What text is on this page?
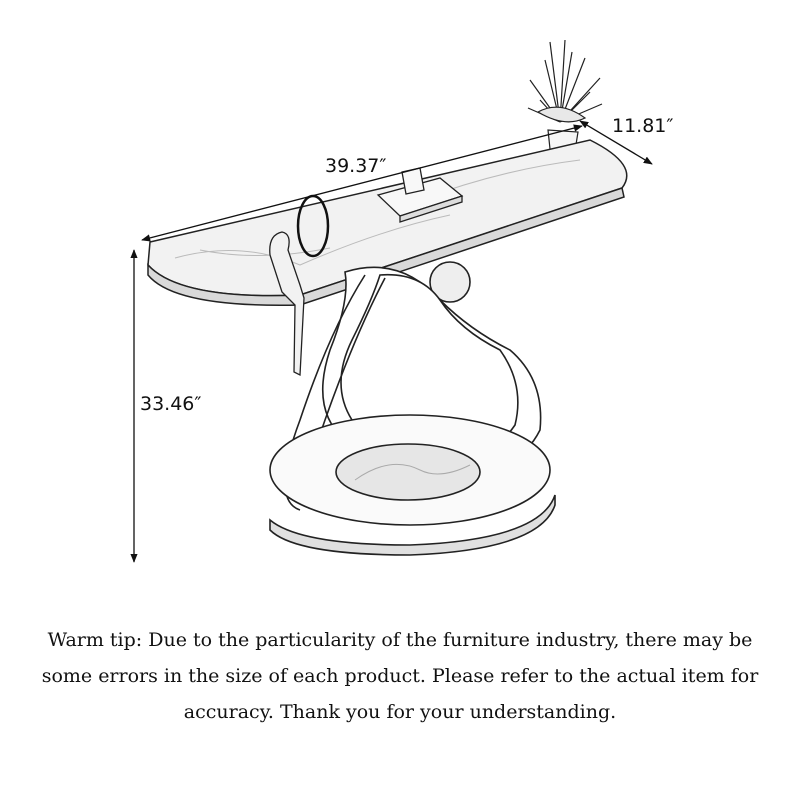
39.37″
11.81″
33.46″
Warm tip: Due to the particularity of the furniture industry, there may be
some errors in the size of each product. Please refer to the actual item for
accuracy. Thank you for your understanding.
